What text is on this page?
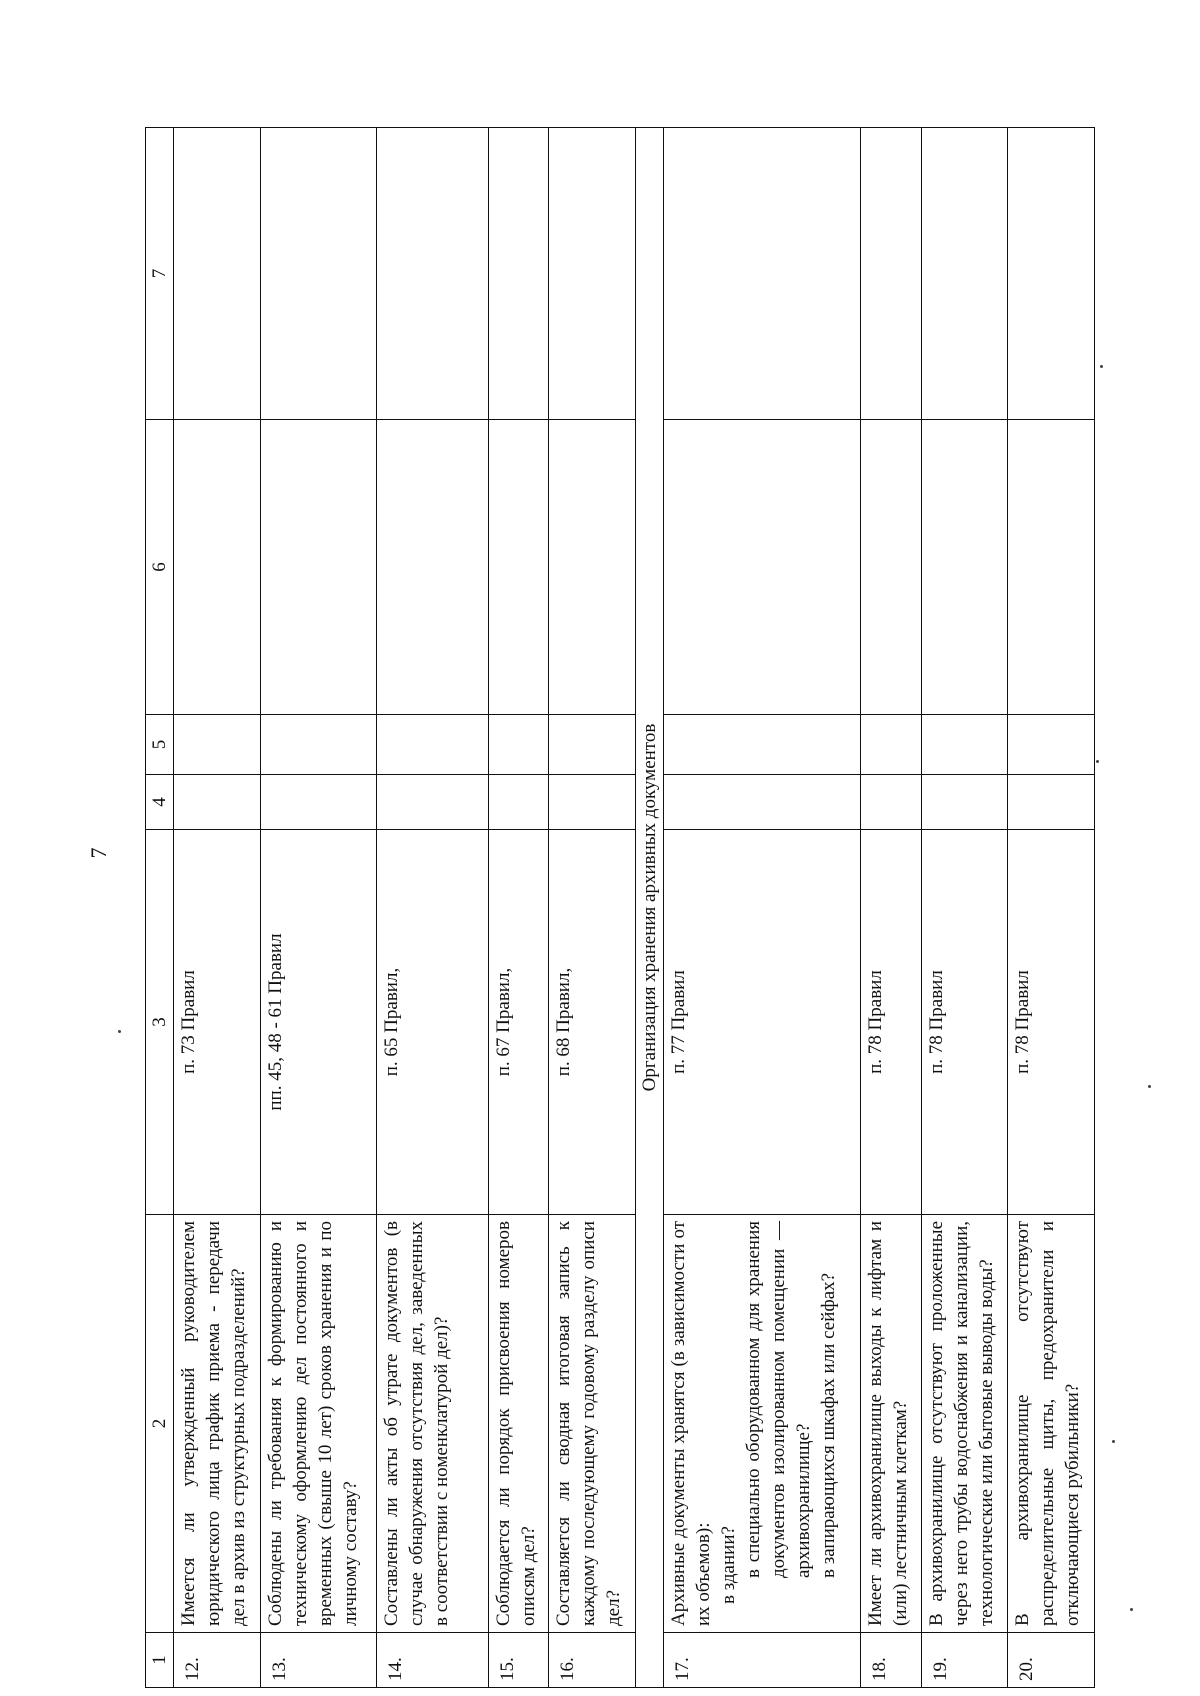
7
1	2	3	4	5	6	7
12.	Имеется ли утвержденный руководителем юридического лица график приема - передачи дел в архив из структурных подразделений?	п. 73 Правил				
13.	Соблюдены ли требования к формированию и техническому оформлению дел постоянного и временных (свыше 10 лет) сроков хранения и по личному составу?	пп. 45, 48 - 61 Правил				
14.	Составлены ли акты об утрате документов (в случае обнаружения отсутствия дел, заведенных в соответствии с номенклатурой дел)?	п. 65 Правил,				
15.	Соблюдается ли порядок присвоения номеров описям дел?	п. 67 Правил,				
16.	Составляется ли сводная итоговая запись к каждому последующему годовому разделу описи дел?	п. 68 Правил,				
Организация хранения архивных документов						
17.	Архивные документы хранятся (в зависимости от их объемов): в здании? в специально оборудованном для хранения документов изолированном помещении — архивохранилище? в запирающихся шкафах или сейфах?	п. 77 Правил				
18.	Имеет ли архивохранилище выходы к лифтам и (или) лестничным клеткам?	п. 78 Правил				
19.	В архивохранилище отсутствуют проложенные через него трубы водоснабжения и канализации, технологические или бытовые выводы воды?	п. 78 Правил				
20.	В архивохранилище отсутствуют распределительные щиты, предохранители и отключающиеся рубильники?	п. 78 Правил				
